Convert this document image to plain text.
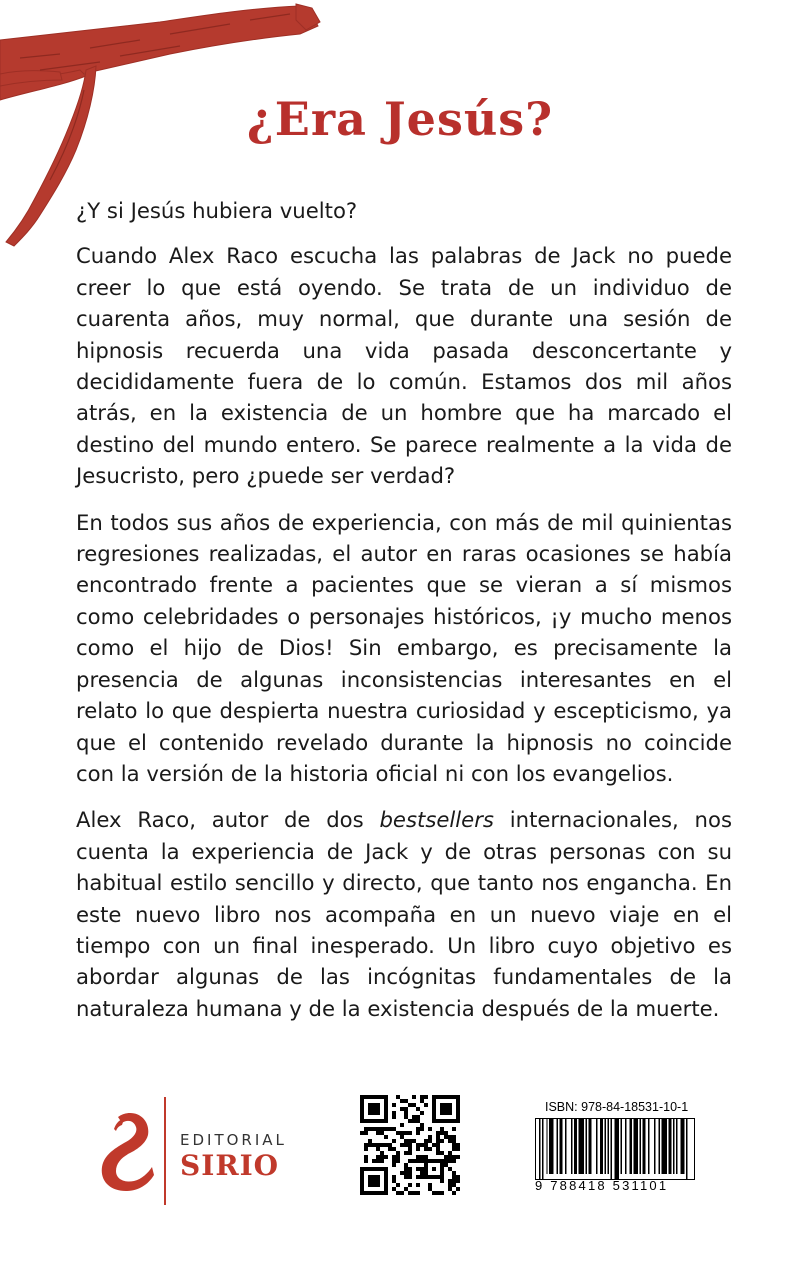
¿Era Jesús?

¿Y si Jesús hubiera vuelto?

Cuando Alex Raco escucha las palabras de Jack no puede creer lo que está oyendo. Se trata de un individuo de cuarenta años, muy normal, que durante una sesión de hipnosis recuerda una vida pasada desconcertante y decididamente fuera de lo común. Estamos dos mil años atrás, en la existencia de un hombre que ha marcado el destino del mundo entero. Se parece realmente a la vida de Jesucristo, pero ¿puede ser verdad?

En todos sus años de experiencia, con más de mil quinientas regresiones realizadas, el autor en raras ocasiones se había encontrado frente a pacientes que se vieran a sí mismos como celebridades o personajes históricos, ¡y mucho menos como el hijo de Dios! Sin embargo, es precisamente la presencia de algunas inconsistencias interesantes en el relato lo que despierta nuestra curiosidad y escepticismo, ya que el contenido revelado durante la hipnosis no coincide con la versión de la historia oficial ni con los evangelios.

Alex Raco, autor de dos bestsellers internacionales, nos cuenta la experiencia de Jack y de otras personas con su habitual estilo sencillo y directo, que tanto nos engancha. En este nuevo libro nos acompaña en un nuevo viaje en el tiempo con un final inesperado. Un libro cuyo objetivo es abordar algunas de las incógnitas fundamentales de la naturaleza humana y de la existencia después de la muerte.

EDITORIAL
SIRIO
ISBN: 978-84-18531-10-1
9 788418 531101
